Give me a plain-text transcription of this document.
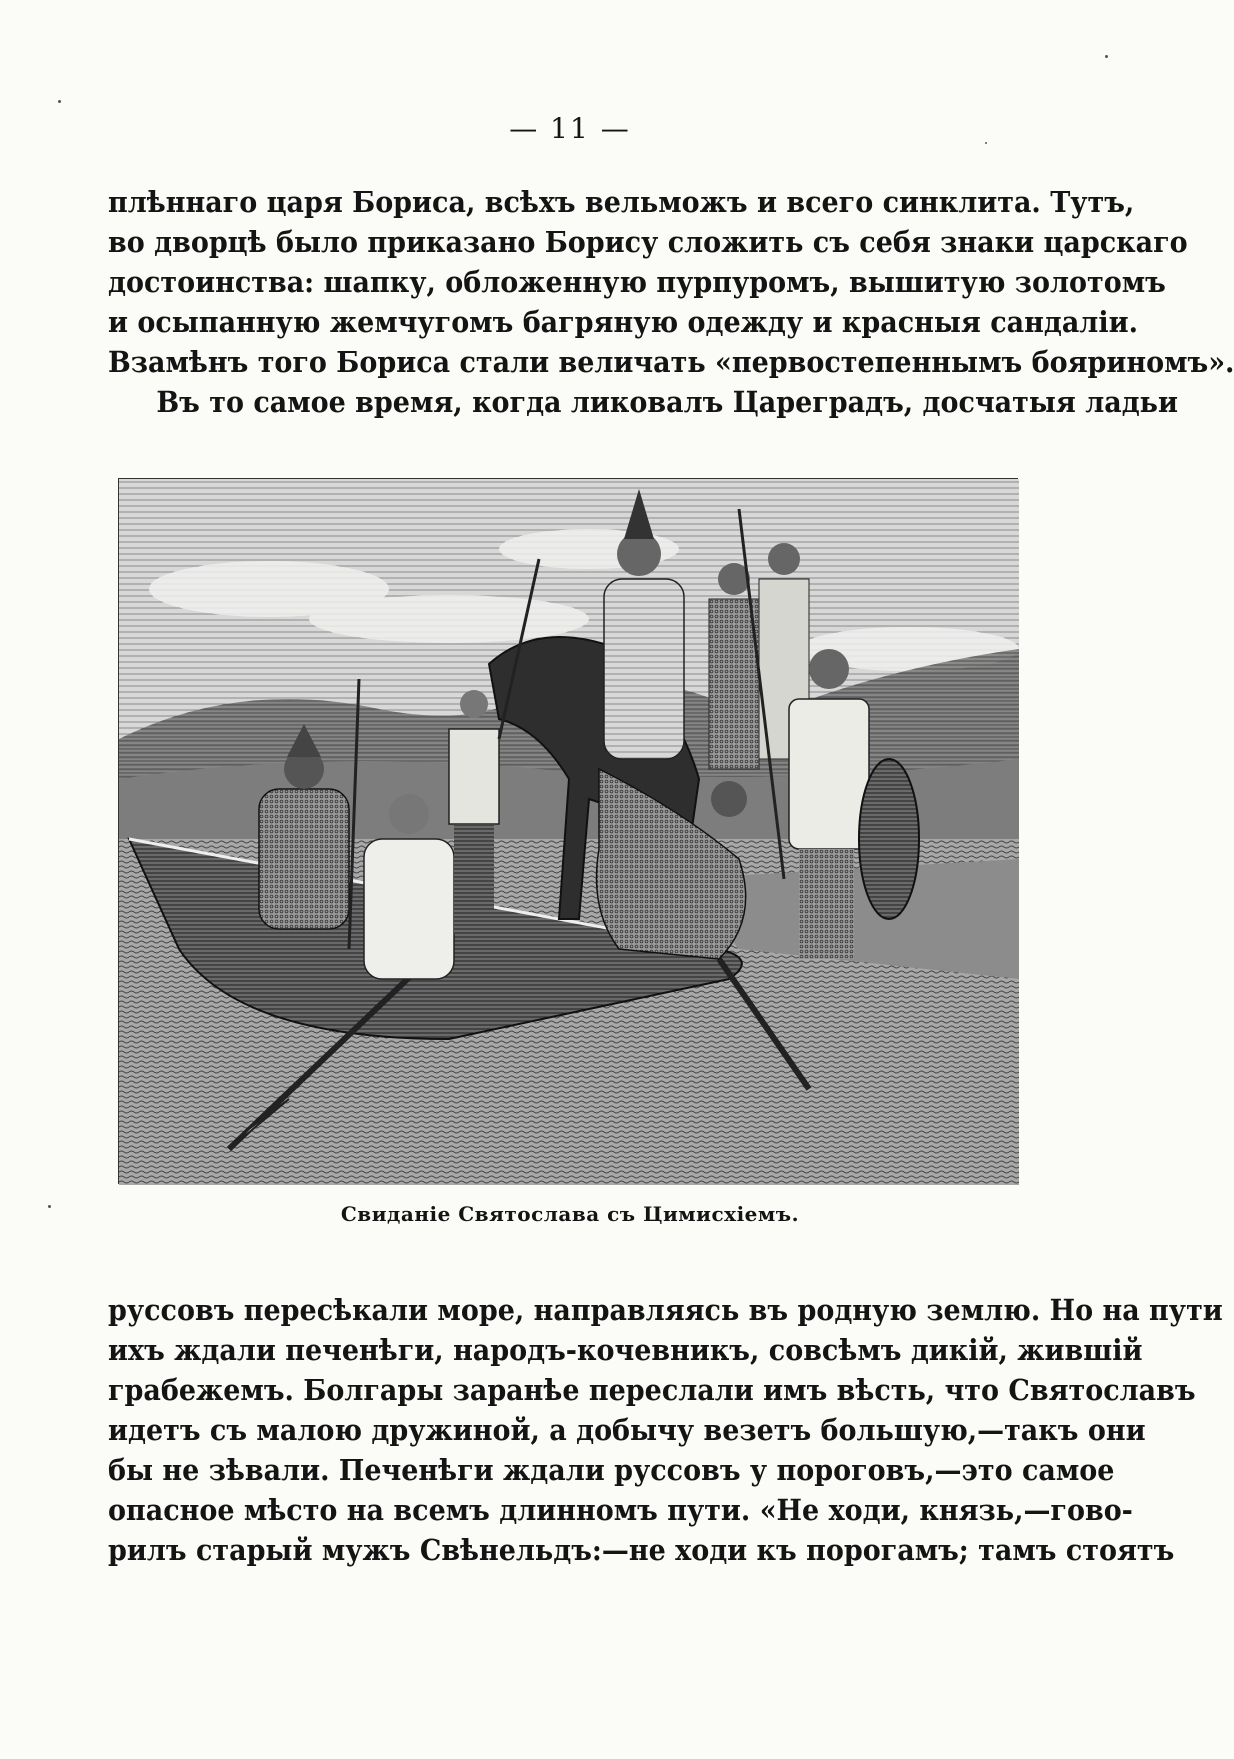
— 11 —
плѣннаго царя Бориса, всѣхъ вельможъ и всего синклита. Тутъ,
во дворцѣ было приказано Борису сложить съ себя знаки царскаго
достоинства: шапку, обложенную пурпуромъ, вышитую золотомъ
и осыпанную жемчугомъ багряную одежду и красныя сандаліи.
Взамѣнъ того Бориса стали величать «первостепеннымъ бояриномъ».
Въ то самое время, когда ликовалъ Цареградъ, досчатыя ладьи
Свиданіе Святослава съ Цимисхіемъ.
руссовъ пересѣкали море, направляясь въ родную землю. Но на пути
ихъ ждали печенѣги, народъ-кочевникъ, совсѣмъ дикій, жившій
грабежемъ. Болгары заранѣе переслали имъ вѣсть, что Святославъ
идетъ съ малою дружиной, а добычу везетъ большую,—такъ они
бы не зѣвали. Печенѣги ждали руссовъ у пороговъ,—это самое
опасное мѣсто на всемъ длинномъ пути. «Не ходи, князь,—гово-
рилъ старый мужъ Свѣнельдъ:—не ходи къ порогамъ; тамъ стоятъ
